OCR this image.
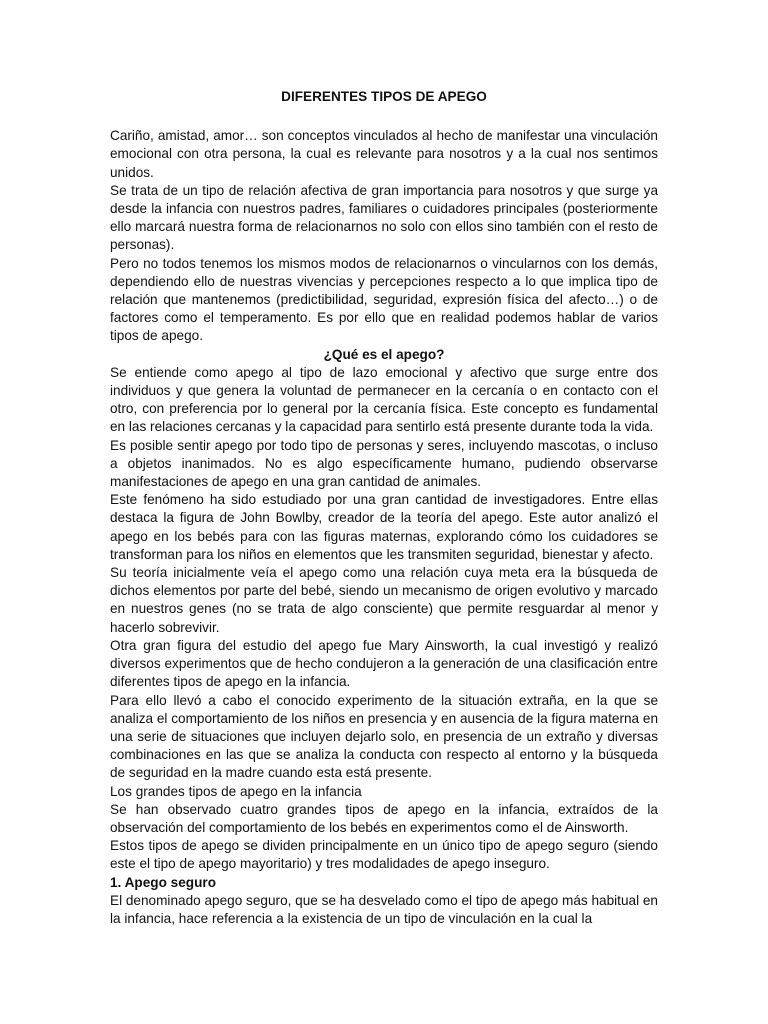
DIFERENTES TIPOS DE APEGO

Cariño, amistad, amor… son conceptos vinculados al hecho de manifestar una vinculación emocional con otra persona, la cual es relevante para nosotros y a la cual nos sentimos unidos.

Se trata de un tipo de relación afectiva de gran importancia para nosotros y que surge ya desde la infancia con nuestros padres, familiares o cuidadores principales (posteriormente ello marcará nuestra forma de relacionarnos no solo con ellos sino también con el resto de personas).

Pero no todos tenemos los mismos modos de relacionarnos o vincularnos con los demás, dependiendo ello de nuestras vivencias y percepciones respecto a lo que implica tipo de relación que mantenemos (predictibilidad, seguridad, expresión física del afecto…) o de factores como el temperamento. Es por ello que en realidad podemos hablar de varios tipos de apego.

¿Qué es el apego?

Se entiende como apego al tipo de lazo emocional y afectivo que surge entre dos individuos y que genera la voluntad de permanecer en la cercanía o en contacto con el otro, con preferencia por lo general por la cercanía física. Este concepto es fundamental en las relaciones cercanas y la capacidad para sentirlo está presente durante toda la vida.

Es posible sentir apego por todo tipo de personas y seres, incluyendo mascotas, o incluso a objetos inanimados. No es algo específicamente humano, pudiendo observarse manifestaciones de apego en una gran cantidad de animales.

Este fenómeno ha sido estudiado por una gran cantidad de investigadores. Entre ellas destaca la figura de John Bowlby, creador de la teoría del apego. Este autor analizó el apego en los bebés para con las figuras maternas, explorando cómo los cuidadores se transforman para los niños en elementos que les transmiten seguridad, bienestar y afecto.

Su teoría inicialmente veía el apego como una relación cuya meta era la búsqueda de dichos elementos por parte del bebé, siendo un mecanismo de origen evolutivo y marcado en nuestros genes (no se trata de algo consciente) que permite resguardar al menor y hacerlo sobrevivir.

Otra gran figura del estudio del apego fue Mary Ainsworth, la cual investigó y realizó diversos experimentos que de hecho condujeron a la generación de una clasificación entre diferentes tipos de apego en la infancia.

Para ello llevó a cabo el conocido experimento de la situación extraña, en la que se analiza el comportamiento de los niños en presencia y en ausencia de la figura materna en una serie de situaciones que incluyen dejarlo solo, en presencia de un extraño y diversas combinaciones en las que se analiza la conducta con respecto al entorno y la búsqueda de seguridad en la madre cuando esta está presente.

Los grandes tipos de apego en la infancia

Se han observado cuatro grandes tipos de apego en la infancia, extraídos de la observación del comportamiento de los bebés en experimentos como el de Ainsworth.

Estos tipos de apego se dividen principalmente en un único tipo de apego seguro (siendo este el tipo de apego mayoritario) y tres modalidades de apego inseguro.

1. Apego seguro

El denominado apego seguro, que se ha desvelado como el tipo de apego más habitual en la infancia, hace referencia a la existencia de un tipo de vinculación en la cual la
